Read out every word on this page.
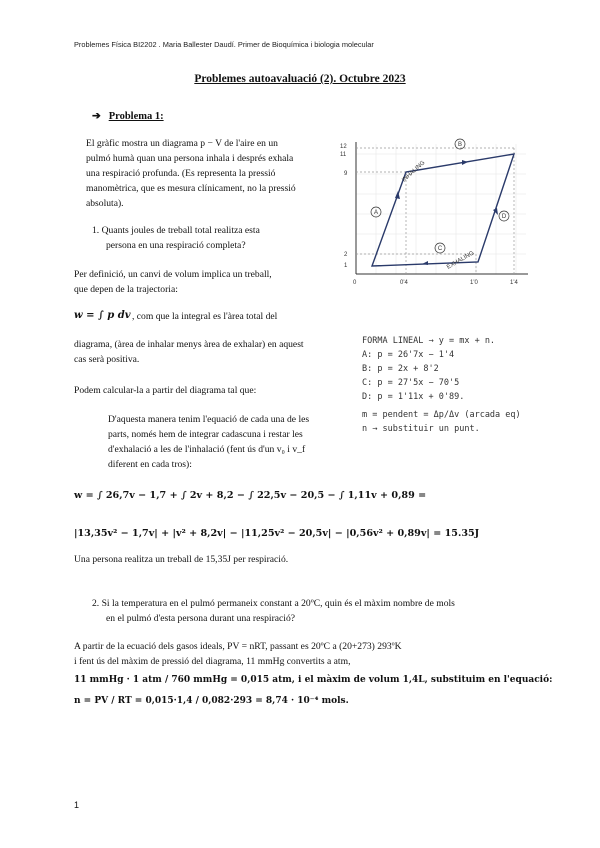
Problemes Física BI2202 . Maria Ballester Daudí. Primer de Bioquímica i biologia molecular
Problemes autoavaluació (2). Octubre 2023
➔ Problema 1:
El gràfic mostra un diagrama p − V de l'aire en un
pulmó humà quan una persona inhala i després exhala
una respiració profunda. (Es representa la pressió
manomètrica, que es mesura clínicament, no la pressió
absoluta).
1. Quants joules de treball total realitza esta
persona en una respiració completa?
Per definició, un canvi de volum implica un treball,
que depen de la trajectoria:
w = ∫ p dv , com que la integral es l'àrea total del
diagrama, (àrea de inhalar menys àrea de exhalar) en aquest
cas serà positiva.
Podem calcular-la a partir del diagrama tal que:
D'aquesta manera tenim l'equació de cada una de les
parts, només hem de integrar cadascuna i restar les
d'exhalació a les de l'inhalació (fent ús d'un v₀ i v_f
diferent en cada tros):
w = ∫ 26,7v − 1,7 + ∫ 2v + 8,2 − ∫ 22,5v − 20,5 − ∫ 1,11v + 0,89 =
|13,35v² − 1,7v| + |v² + 8,2v| − |11,25v² − 20,5v| − |0,56v² + 0,89v| = 15.35J
Una persona realitza un treball de 15,35J per respiració.
2. Si la temperatura en el pulmó permaneix constant a 20ºC, quin és el màxim nombre de mols
en el pulmó d'esta persona durant una respiració?
A partir de la ecuació dels gasos ideals, PV = nRT, passant es 20ºC a (20+273) 293ºK
i fent ús del màxim de pressió del diagrama, 11 mmHg convertits a atm,
11 mmHg · 1 atm / 760 mmHg = 0,015 atm, i el màxim de volum 1,4L, substituim en l'equació:
n = PV / RT = 0,015·1,4 / 0,082·293 = 8,74 · 10⁻⁴ mols.
1
12
11
9
2
1
0	0'4	1'0	1'4
A
B
C
D
INHALING
EXHALING
FORMA LINEAL → y = mx + n.
A: p = 26'7x − 1'4
B: p = 2x + 8'2
C: p = 27'5x − 70'5
D: p = 1'11x + 0'89.
m = pendent = Δp/Δv (arcada eq)
n → substituir un punt.
